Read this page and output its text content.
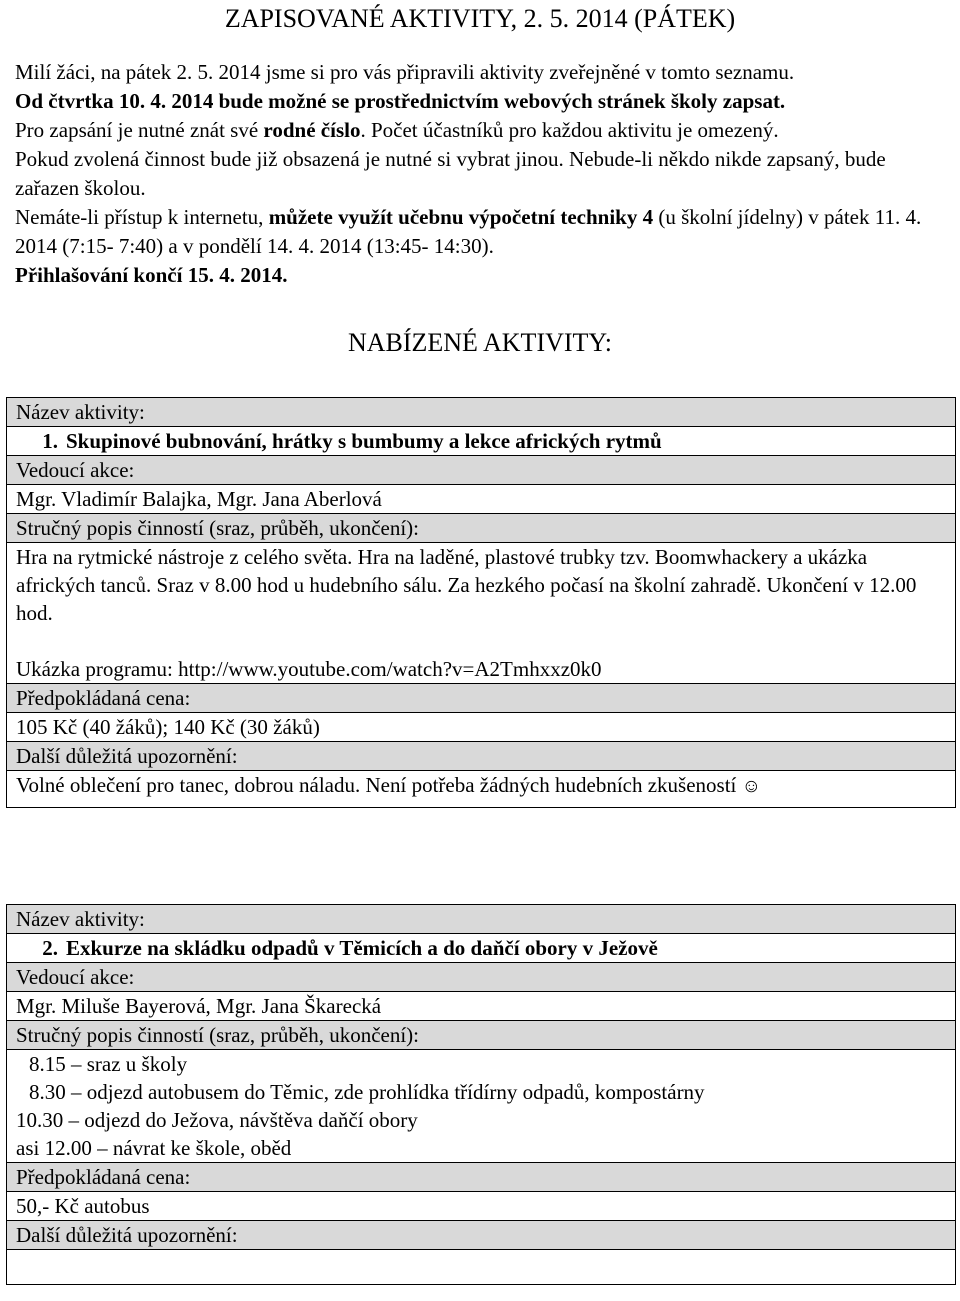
ZAPISOVANÉ AKTIVITY, 2. 5. 2014 (PÁTEK)

Milí žáci, na pátek 2. 5. 2014 jsme si pro vás připravili aktivity zveřejněné v tomto seznamu.

Od čtvrtka 10. 4. 2014 bude možné se prostřednictvím webových stránek školy zapsat.

Pro zapsání je nutné znát své rodné číslo. Počet účastníků pro každou aktivitu je omezený.

Pokud zvolená činnost bude již obsazená je nutné si vybrat jinou. Nebude-li někdo nikde zapsaný, bude zařazen školou.

Nemáte-li přístup k internetu, můžete využít učebnu výpočetní techniky 4 (u školní jídelny) v pátek 11. 4. 2014 (7:15- 7:40) a v pondělí 14. 4. 2014 (13:45- 14:30).

Přihlašování končí 15. 4. 2014.

NABÍZENÉ AKTIVITY:
Název aktivity:
1. Skupinové bubnování, hrátky s bumbumy a lekce afrických rytmů
Vedoucí akce:
Mgr. Vladimír Balajka, Mgr. Jana Aberlová
Stručný popis činností (sraz, průběh, ukončení):

Hra na rytmické nástroje z celého světa. Hra na laděné, plastové trubky tzv. Boomwhackery a ukázka afrických tanců. Sraz v 8.00 hod u hudebního sálu. Za hezkého počasí na školní zahradě. Ukončení v 12.00 hod.
Ukázka programu: http://www.youtube.com/watch?v=A2Tmhxxz0k0

Předpokládaná cena:
105 Kč (40 žáků); 140 Kč (30 žáků)
Další důležitá upozornění:
Volné oblečení pro tanec, dobrou náladu. Není potřeba žádných hudebních zkušeností ☺
Název aktivity:
2. Exkurze na skládku odpadů v Těmicích a do daňčí obory v Ježově
Vedoucí akce:
Mgr. Miluše Bayerová, Mgr. Jana Škarecká
Stručný popis činností (sraz, průběh, ukončení):

8.15 – sraz u školy
8.30 – odjezd autobusem do Těmic, zde prohlídka třídírny odpadů, kompostárny
10.30 – odjezd do Ježova, návštěva daňčí obory
asi 12.00 – návrat ke škole, oběd

Předpokládaná cena:
50,- Kč autobus
Další důležitá upozornění:
